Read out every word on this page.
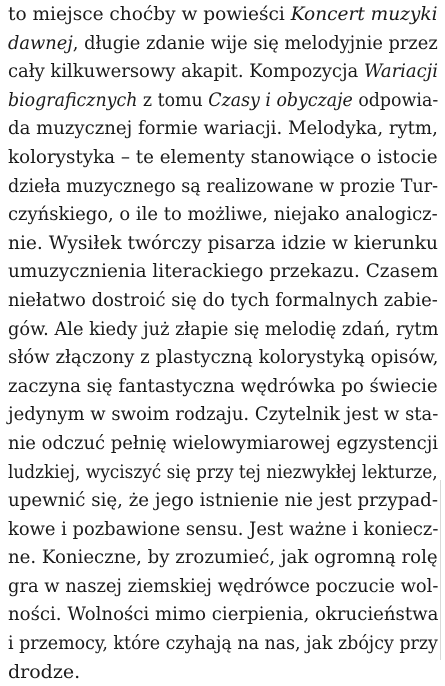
to miejsce choćby w powieści Koncert muzyki
dawnej, długie zdanie wije się melodyjnie przez
cały kilkuwersowy akapit. Kompozycja Wariacji
biograficznych z tomu Czasy i obyczaje odpowia-
da muzycznej formie wariacji. Melodyka, rytm,
kolorystyka – te elementy stanowiące o istocie
dzieła muzycznego są realizowane w prozie Tur-
czyńskiego, o ile to możliwe, niejako analogicz-
nie. Wysiłek twórczy pisarza idzie w kierunku
umuzycznienia literackiego przekazu. Czasem
niełatwo dostroić się do tych formalnych zabie-
gów. Ale kiedy już złapie się melodię zdań, rytm
słów złączony z plastyczną kolorystyką opisów,
zaczyna się fantastyczna wędrówka po świecie
jedynym w swoim rodzaju. Czytelnik jest w sta-
nie odczuć pełnię wielowymiarowej egzystencji
ludzkiej, wyciszyć się przy tej niezwykłej lekturze,
upewnić się, że jego istnienie nie jest przypad-
kowe i pozbawione sensu. Jest ważne i koniecz-
ne. Konieczne, by zrozumieć, jak ogromną rolę
gra w naszej ziemskiej wędrówce poczucie wol-
ności. Wolności mimo cierpienia, okrucieństwa
i przemocy, które czyhają na nas, jak zbójcy przy
drodze.
